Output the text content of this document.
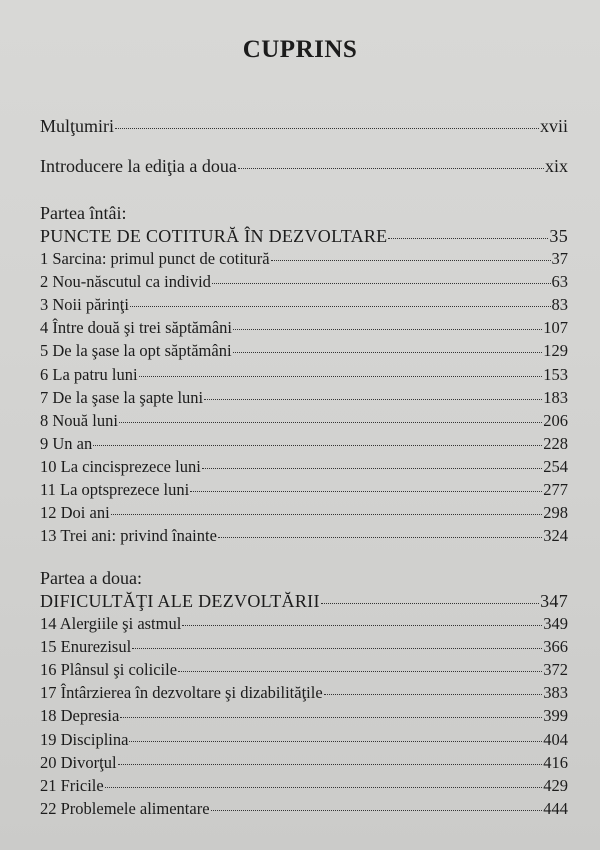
CUPRINS
Mulţumiri	xvii
Introducere la ediţia a doua	xix
Partea întâi:
PUNCTE DE COTITURĂ ÎN DEZVOLTARE	35
1 Sarcina: primul punct de cotitură	37
2 Nou-născutul ca individ	63
3 Noii părinţi	83
4 Între două şi trei săptămâni	107
5 De la şase la opt săptămâni	129
6 La patru luni	153
7 De la şase la şapte luni	183
8 Nouă luni	206
9 Un an	228
10 La cincisprezece luni	254
11 La optsprezece luni	277
12 Doi ani	298
13 Trei ani: privind înainte	324
Partea a doua:
DIFICULTĂŢI ALE DEZVOLTĂRII	347
14 Alergiile şi astmul	349
15 Enurezisul	366
16 Plânsul şi colicile	372
17 Întârzierea în dezvoltare şi dizabilităţile	383
18 Depresia	399
19 Disciplina	404
20 Divorţul	416
21 Fricile	429
22 Problemele alimentare	444
